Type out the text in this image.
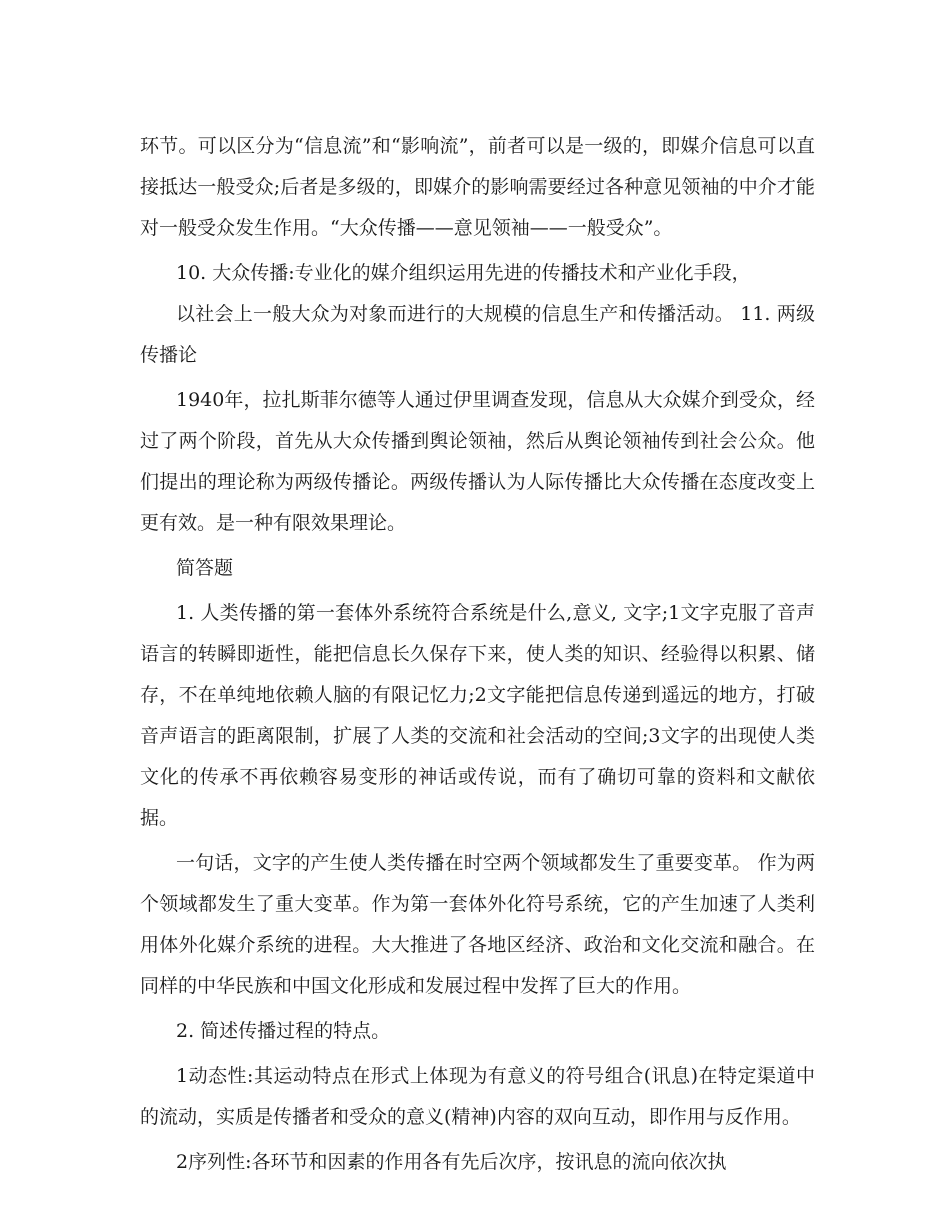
环节。可以区分为“信息流”和“影响流”，前者可以是一级的，即媒介信息可以直接抵达一般受众;后者是多级的，即媒介的影响需要经过各种意见领袖的中介才能对一般受众发生作用。“大众传播——意见领袖——一般受众”。

10. 大众传播:专业化的媒介组织运用先进的传播技术和产业化手段，

以社会上一般大众为对象而进行的大规模的信息生产和传播活动。 11. 两级传播论

1940年，拉扎斯菲尔德等人通过伊里调查发现，信息从大众媒介到受众，经过了两个阶段，首先从大众传播到舆论领袖，然后从舆论领袖传到社会公众。他们提出的理论称为两级传播论。两级传播认为人际传播比大众传播在态度改变上更有效。是一种有限效果理论。

简答题

1. 人类传播的第一套体外系统符合系统是什么,意义, 文字;1文字克服了音声语言的转瞬即逝性，能把信息长久保存下来，使人类的知识、经验得以积累、储存，不在单纯地依赖人脑的有限记忆力;2文字能把信息传递到遥远的地方，打破音声语言的距离限制，扩展了人类的交流和社会活动的空间;3文字的出现使人类文化的传承不再依赖容易变形的神话或传说，而有了确切可靠的资料和文献依据。

一句话，文字的产生使人类传播在时空两个领域都发生了重要变革。 作为两个领域都发生了重大变革。作为第一套体外化符号系统，它的产生加速了人类利用体外化媒介系统的进程。大大推进了各地区经济、政治和文化交流和融合。在同样的中华民族和中国文化形成和发展过程中发挥了巨大的作用。

2. 简述传播过程的特点。

1动态性:其运动特点在形式上体现为有意义的符号组合(讯息)在特定渠道中的流动，实质是传播者和受众的意义(精神)内容的双向互动，即作用与反作用。

2序列性:各环节和因素的作用各有先后次序，按讯息的流向依次执
